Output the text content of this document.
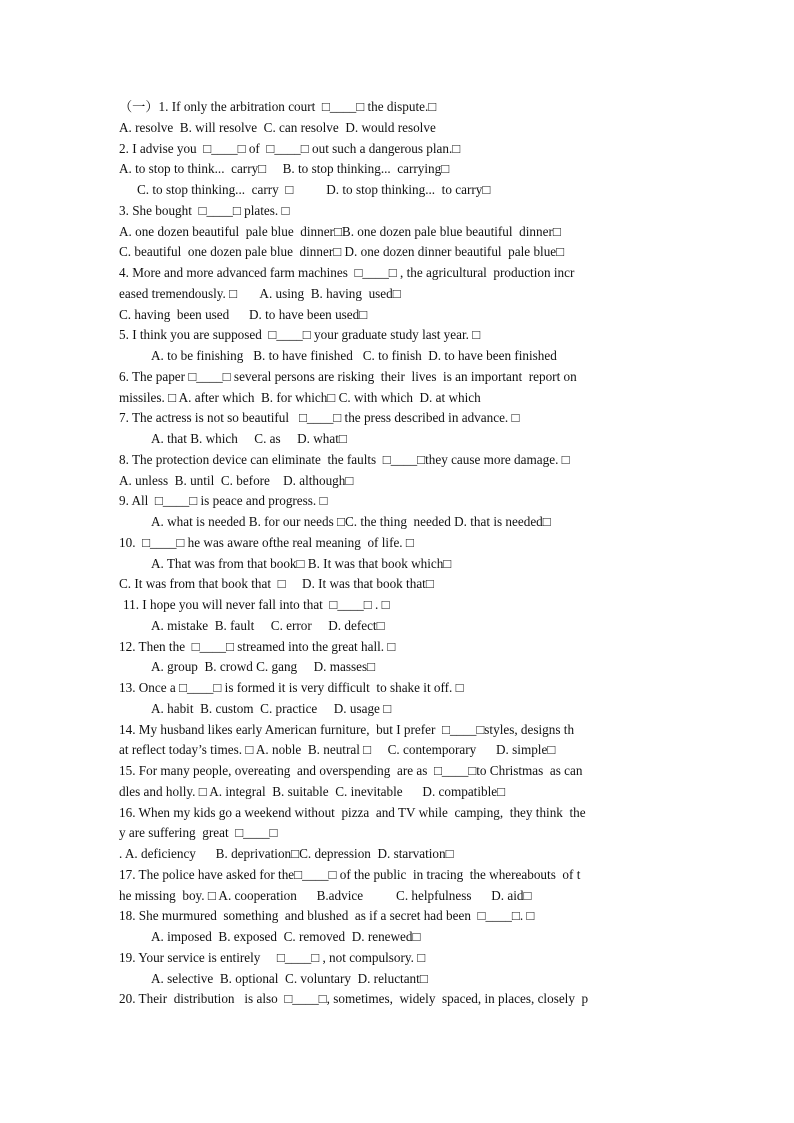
（一）1. If only the arbitration court  □____□ the dispute.□
A. resolve  B. will resolve  C. can resolve  D. would resolve
2. I advise you  □____□ of  □____□ out such a dangerous plan.□
A. to stop to think...  carry□     B. to stop thinking...  carrying□
C. to stop thinking...  carry  □          D. to stop thinking...  to carry□
3. She bought  □____□ plates. □
A. one dozen beautiful  pale blue  dinner□B. one dozen pale blue beautiful  dinner□
C. beautiful  one dozen pale blue  dinner□ D. one dozen dinner beautiful  pale blue□
4. More and more advanced farm machines  □____□ , the agricultural  production incr
eased tremendously. □       A. using  B. having  used□
C. having  been used      D. to have been used□
5. I think you are supposed  □____□ your graduate study last year. □
A. to be finishing   B. to have finished   C. to finish  D. to have been finished
6. The paper □____□ several persons are risking  their  lives  is an important  report on
missiles. □ A. after which  B. for which□ C. with which  D. at which
7. The actress is not so beautiful   □____□ the press described in advance. □
A. that B. which     C. as     D. what□
8. The protection device can eliminate  the faults  □____□they cause more damage. □
A. unless  B. until  C. before    D. although□
9. All  □____□ is peace and progress. □
A. what is needed B. for our needs □C. the thing  needed D. that is needed□
10.  □____□ he was aware ofthe real meaning  of life. □
A. That was from that book□ B. It was that book which□
C. It was from that book that  □     D. It was that book that□
11. I hope you will never fall into that  □____□ . □
A. mistake  B. fault     C. error     D. defect□
12. Then the  □____□ streamed into the great hall. □
A. group  B. crowd C. gang     D. masses□
13. Once a □____□ is formed it is very difficult  to shake it off. □
A. habit  B. custom  C. practice     D. usage □
14. My husband likes early American furniture,  but I prefer  □____□styles, designs th
at reflect today’s times. □ A. noble  B. neutral □     C. contemporary      D. simple□
15. For many people, overeating  and overspending  are as  □____□to Christmas  as can
dles and holly. □ A. integral  B. suitable  C. inevitable      D. compatible□
16. When my kids go a weekend without  pizza  and TV while  camping,  they think  the
y are suffering  great  □____□
. A. deficiency      B. deprivation□C. depression  D. starvation□
17. The police have asked for the□____□ of the public  in tracing  the whereabouts  of t
he missing  boy. □ A. cooperation      B.advice          C. helpfulness      D. aid□
18. She murmured  something  and blushed  as if a secret had been  □____□. □
A. imposed  B. exposed  C. removed  D. renewed□
19. Your service is entirely     □____□ , not compulsory. □
A. selective  B. optional  C. voluntary  D. reluctant□
20. Their  distribution   is also  □____□, sometimes,  widely  spaced, in places, closely  p
